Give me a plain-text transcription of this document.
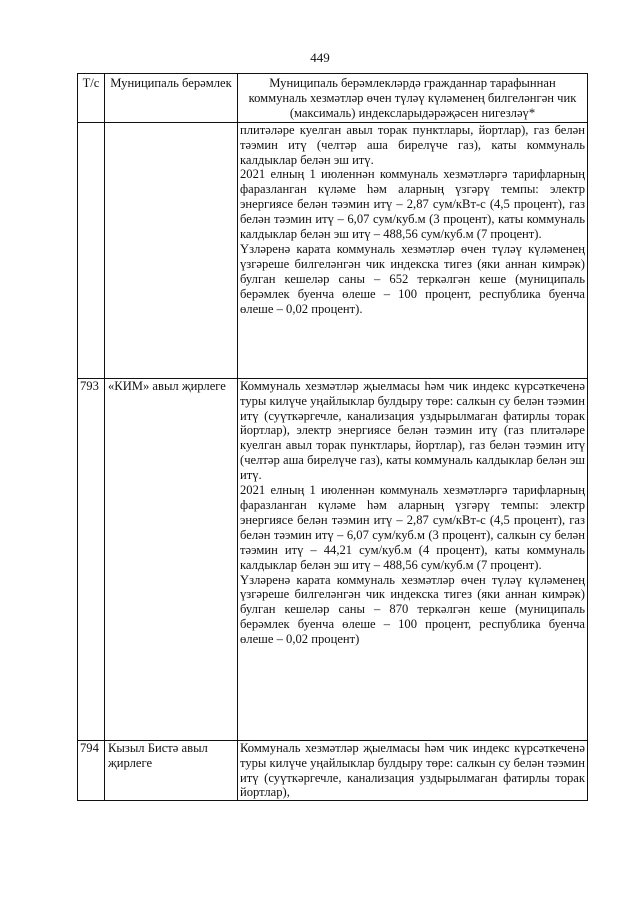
449
Т/с	Муниципаль берәмлек	Муниципаль берәмлекләрдә гражданнар тарафыннан коммуналь хезмәтләр өчен түләү күләменең билгеләнгән чик (максималь) индексларыдәрәҗәсен нигезләү*

		плитәләре куелган авыл торак пунктлары, йортлар), газ белән тәэмин итү (челтәр аша бирелүче газ), каты коммуналь калдыклар белән эш итү.
2021 елның 1 июленнән коммуналь хезмәтләргә тарифларның фаразланган күләме һәм аларның үзгәрү темпы: электр энергиясе белән тәэмин итү – 2,87 сум/кВт-с (4,5 процент), газ белән тәэмин итү – 6,07 сум/куб.м (3 процент), каты коммуналь калдыклар белән эш итү – 488,56 сум/куб.м (7 процент).
Үзләренә карата коммуналь хезмәтләр өчен түләү күләменең үзгәреше билгеләнгән чик индекска тигез (яки аннан кимрәк) булган кешеләр саны – 652 теркәлгән кеше (муниципаль берәмлек буенча өлеше – 100 процент, республика буенча өлеше – 0,02 процент).

793	«КИМ» авыл җирлеге	Коммуналь хезмәтләр җыелмасы һәм чик индекс күрсәткеченә туры килүче уңайлыклар булдыру төре: салкын су белән тәэмин итү (суүткәргечле, канализация уздырылмаган фатирлы торак йортлар), электр энергиясе белән тәэмин итү (газ плитәләре куелган авыл торак пунктлары, йортлар), газ белән тәэмин итү (челтәр аша бирелүче газ), каты коммуналь калдыклар белән эш итү.
2021 елның 1 июленнән коммуналь хезмәтләргә тарифларның фаразланган күләме һәм аларның үзгәрү темпы: электр энергиясе белән тәэмин итү – 2,87 сум/кВт-с (4,5 процент), газ белән тәэмин итү – 6,07 сум/куб.м (3 процент), салкын су белән тәэмин итү – 44,21 сум/куб.м (4 процент), каты коммуналь калдыклар белән эш итү – 488,56 сум/куб.м (7 процент).
Үзләренә карата коммуналь хезмәтләр өчен түләү күләменең үзгәреше билгеләнгән чик индекска тигез (яки аннан кимрәк) булган кешеләр саны – 870 теркәлгән кеше (муниципаль берәмлек буенча өлеше – 100 процент, республика буенча өлеше – 0,02 процент)

794	Кызыл Бистә авыл җирлеге	Коммуналь хезмәтләр җыелмасы һәм чик индекс күрсәткеченә туры килүче уңайлыклар булдыру төре: салкын су белән тәэмин итү (суүткәргечле, канализация уздырылмаган фатирлы торак йортлар),
